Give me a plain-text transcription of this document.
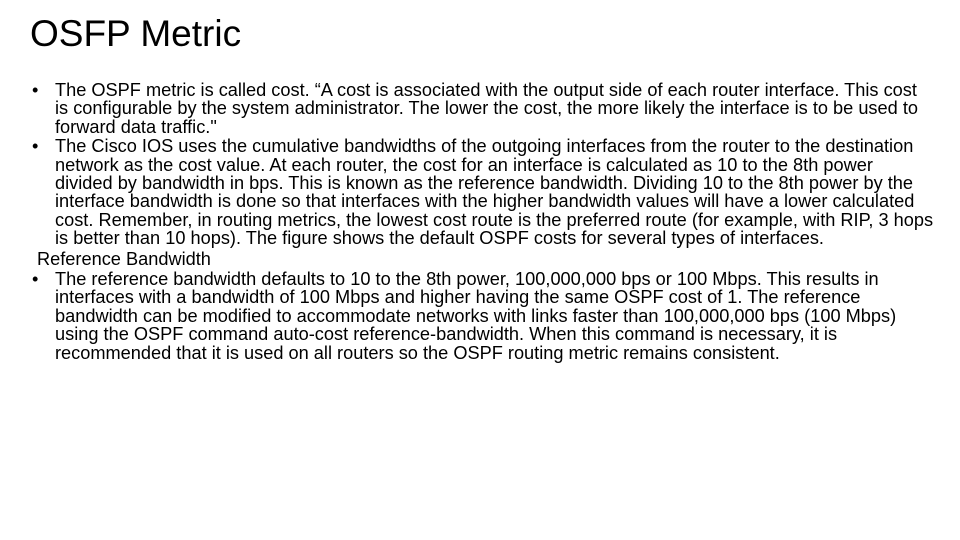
OSFP Metric
• The OSPF metric is called cost. “A cost is associated with the output side of each router interface. This cost is configurable by the system administrator. The lower the cost, the more likely the interface is to be used to forward data traffic."
• The Cisco IOS uses the cumulative bandwidths of the outgoing interfaces from the router to the destination network as the cost value. At each router, the cost for an interface is calculated as 10 to the 8th power divided by bandwidth in bps. This is known as the reference bandwidth. Dividing 10 to the 8th power by the interface bandwidth is done so that interfaces with the higher bandwidth values will have a lower calculated cost. Remember, in routing metrics, the lowest cost route is the preferred route (for example, with RIP, 3 hops is better than 10 hops). The figure shows the default OSPF costs for several types of interfaces.
Reference Bandwidth
• The reference bandwidth defaults to 10 to the 8th power, 100,000,000 bps or 100 Mbps. This results in interfaces with a bandwidth of 100 Mbps and higher having the same OSPF cost of 1. The reference bandwidth can be modified to accommodate networks with links faster than 100,000,000 bps (100 Mbps) using the OSPF command auto-cost reference-bandwidth. When this command is necessary, it is recommended that it is used on all routers so the OSPF routing metric remains consistent.
